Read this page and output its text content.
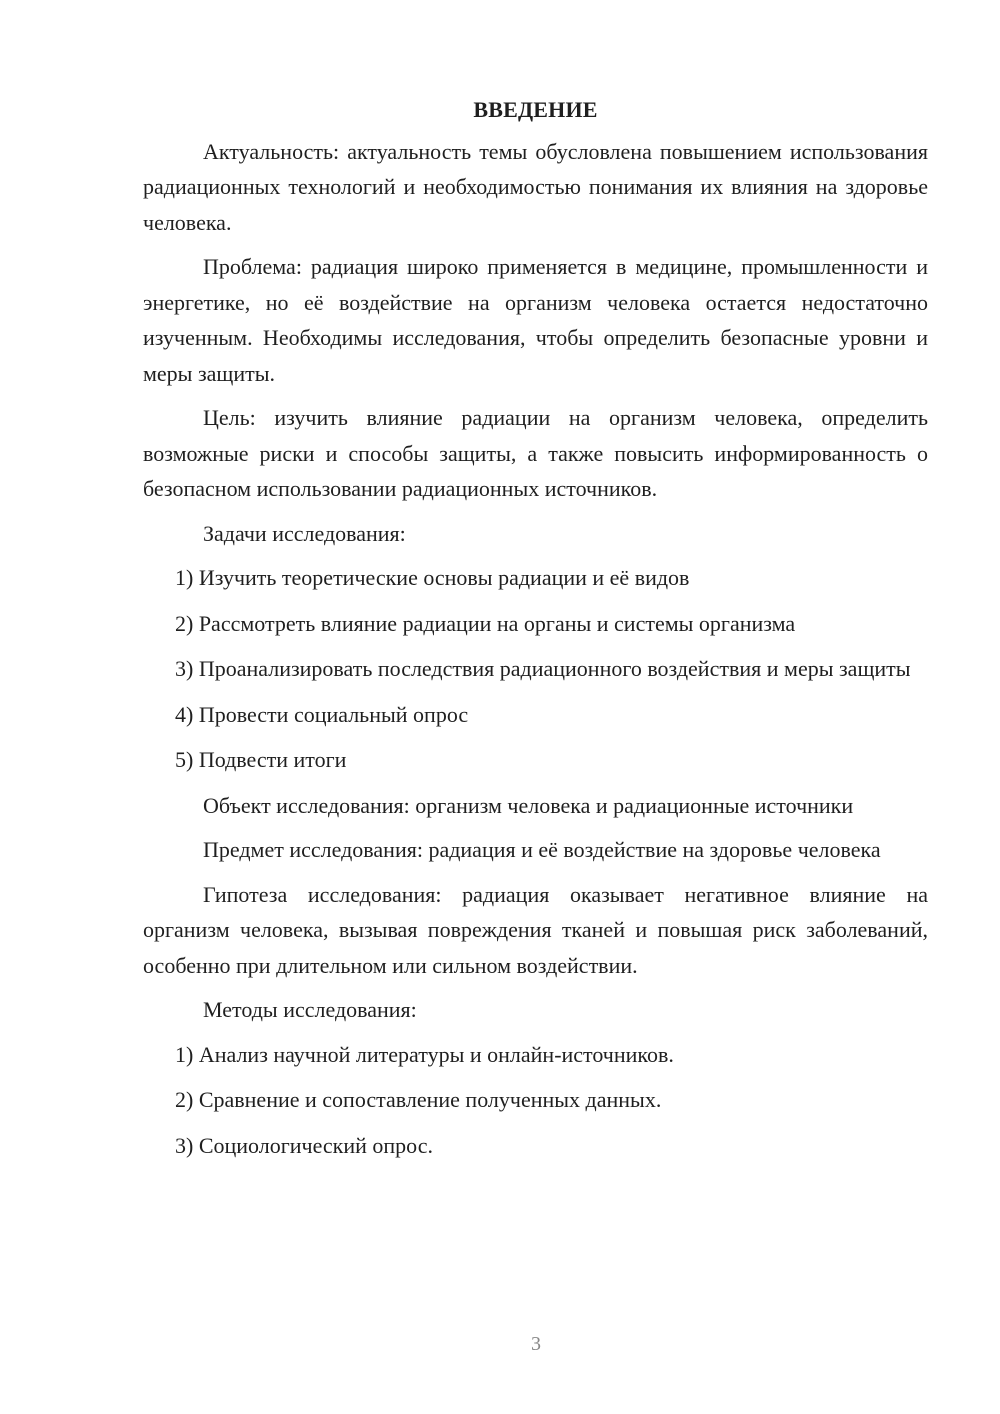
ВВЕДЕНИЕ
Актуальность: актуальность темы обусловлена повышением использования радиационных технологий и необходимостью понимания их влияния на здоровье человека.
Проблема: радиация широко применяется в медицине, промышленности и энергетике, но её воздействие на организм человека остается недостаточно изученным. Необходимы исследования, чтобы определить безопасные уровни и меры защиты.
Цель: изучить влияние радиации на организм человека, определить возможные риски и способы защиты, а также повысить информированность о безопасном использовании радиационных источников.
Задачи исследования:
1) Изучить теоретические основы радиации и её видов
2) Рассмотреть влияние радиации на органы и системы организма
3) Проанализировать последствия радиационного воздействия и меры защиты
4) Провести социальный опрос
5) Подвести итоги
Объект исследования: организм человека и радиационные источники
Предмет исследования: радиация и её воздействие на здоровье человека
Гипотеза исследования: радиация оказывает негативное влияние на организм человека, вызывая повреждения тканей и повышая риск заболеваний, особенно при длительном или сильном воздействии.
Методы исследования:
1) Анализ научной литературы и онлайн-источников.
2) Сравнение и сопоставление полученных данных.
3) Социологический опрос.
3
